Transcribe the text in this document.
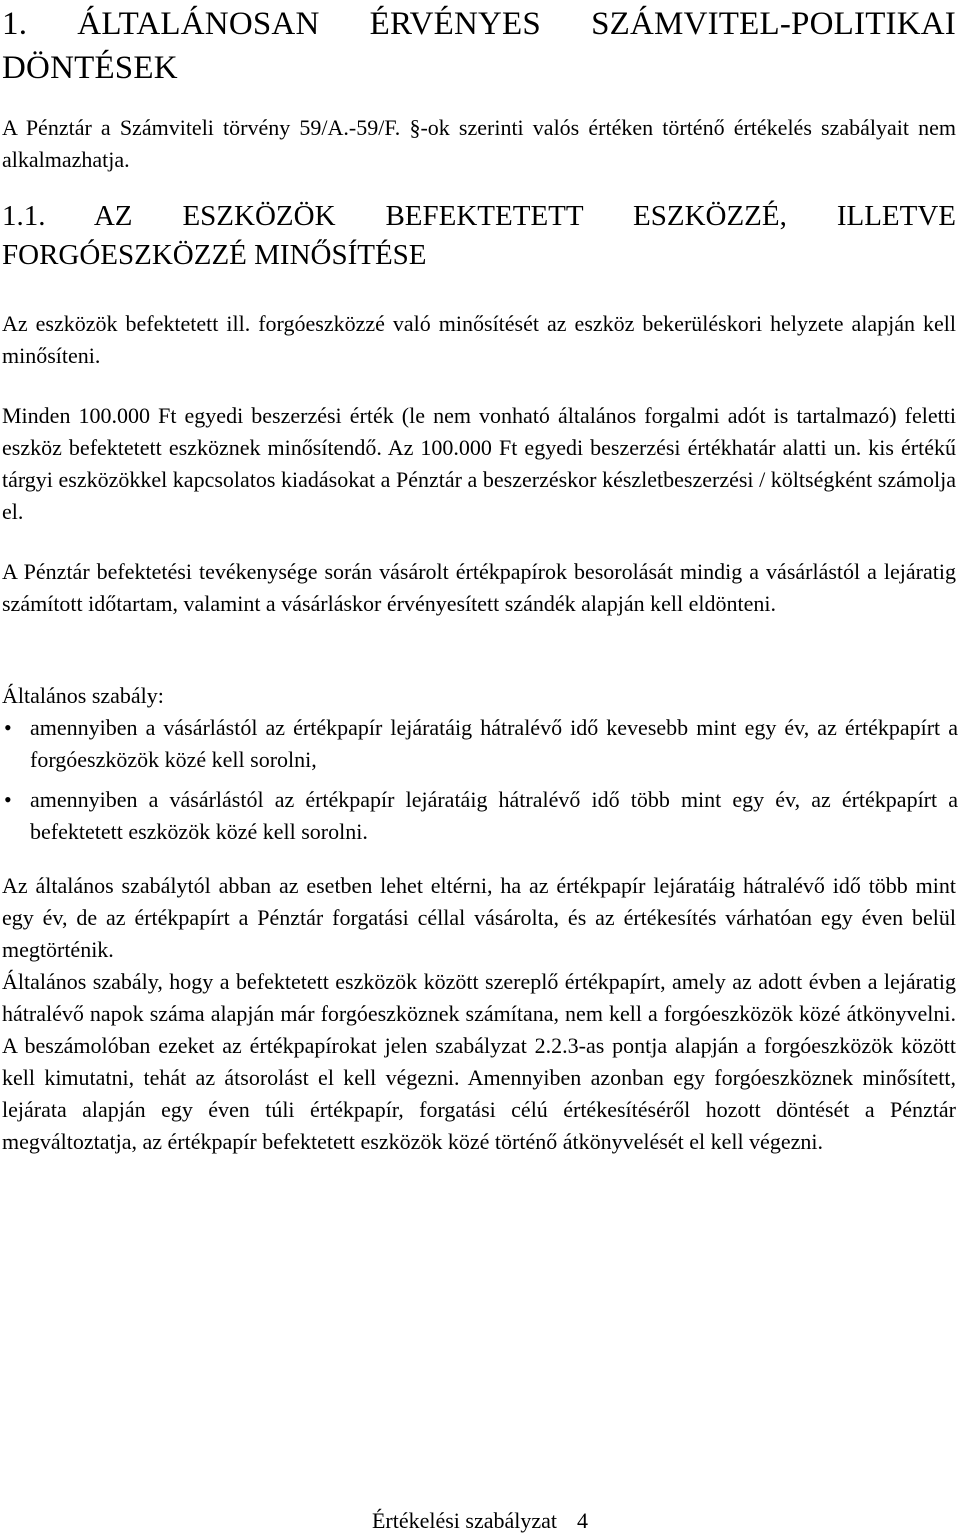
1. ÁLTALÁNOSAN ÉRVÉNYES SZÁMVITEL-POLITIKAI DÖNTÉSEK

A Pénztár a Számviteli törvény 59/A.-59/F. §-ok szerinti valós értéken történő értékelés szabályait nem alkalmazhatja.

1.1. AZ ESZKÖZÖK BEFEKTETETT ESZKÖZZÉ, ILLETVE FORGÓESZKÖZZÉ MINŐSÍTÉSE

Az eszközök befektetett ill. forgóeszközzé való minősítését az eszköz bekerüléskori helyzete alapján kell minősíteni.

Minden 100.000 Ft egyedi beszerzési érték (le nem vonható általános forgalmi adót is tartalmazó) feletti eszköz befektetett eszköznek minősítendő. Az 100.000 Ft egyedi beszerzési értékhatár alatti un. kis értékű tárgyi eszközökkel kapcsolatos kiadásokat a Pénztár a beszerzéskor készletbeszerzési / költségként számolja el.

A Pénztár befektetési tevékenysége során vásárolt értékpapírok besorolását mindig a vásárlástól a lejáratig számított időtartam, valamint a vásárláskor érvényesített szándék alapján kell eldönteni.

Általános szabály:

• amennyiben a vásárlástól az értékpapír lejáratáig hátralévő idő kevesebb mint egy év, az értékpapírt a forgóeszközök közé kell sorolni,
• amennyiben a vásárlástól az értékpapír lejáratáig hátralévő idő több mint egy év, az értékpapírt a befektetett eszközök közé kell sorolni.

Az általános szabálytól abban az esetben lehet eltérni, ha az értékpapír lejáratáig hátralévő idő több mint egy év, de az értékpapírt a Pénztár forgatási céllal vásárolta, és az értékesítés várhatóan egy éven belül megtörténik.

Általános szabály, hogy a befektetett eszközök között szereplő értékpapírt, amely az adott évben a lejáratig hátralévő napok száma alapján már forgóeszköznek számítana, nem kell a forgóeszközök közé átkönyvelni. A beszámolóban ezeket az értékpapírokat jelen szabályzat 2.2.3-as pontja alapján a forgóeszközök között kell kimutatni, tehát az átsorolást el kell végezni. Amennyiben azonban egy forgóeszköznek minősített, lejárata alapján egy éven túli értékpapír, forgatási célú értékesítéséről hozott döntését a Pénztár megváltoztatja, az értékpapír befektetett eszközök közé történő átkönyvelését el kell végezni.

Értékelési szabályzat 4
